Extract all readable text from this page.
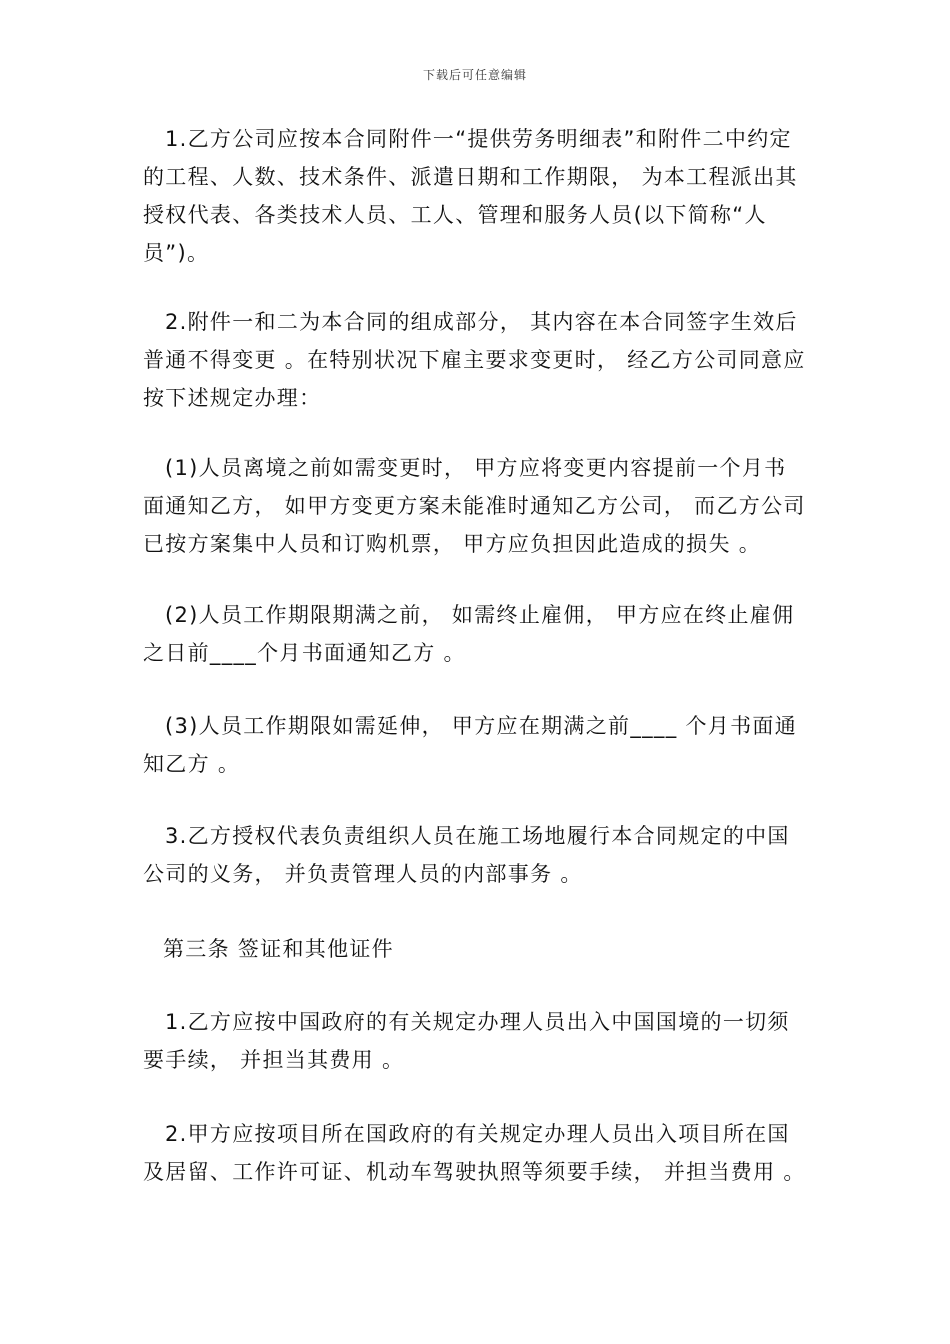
下载后可任意编辑

1.乙方公司应按本合同附件一“提供劳务明细表”和附件二中约定的工程、人数、技术条件、派遣日期和工作期限， 为本工程派出其授权代表、各类技术人员、工人、管理和服务人员(以下简称“人员”)。

2.附件一和二为本合同的组成部分， 其内容在本合同签字生效后普通不得变更 。在特别状况下雇主要求变更时， 经乙方公司同意应按下述规定办理：

(1)人员离境之前如需变更时， 甲方应将变更内容提前一个月书面通知乙方， 如甲方变更方案未能准时通知乙方公司， 而乙方公司已按方案集中人员和订购机票， 甲方应负担因此造成的损失 。

(2)人员工作期限期满之前， 如需终止雇佣， 甲方应在终止雇佣之日前____个月书面通知乙方 。

(3)人员工作期限如需延伸， 甲方应在期满之前____ 个月书面通知乙方 。

3.乙方授权代表负责组织人员在施工场地履行本合同规定的中国公司的义务， 并负责管理人员的内部事务 。

第三条 签证和其他证件

1.乙方应按中国政府的有关规定办理人员出入中国国境的一切须要手续， 并担当其费用 。

2.甲方应按项目所在国政府的有关规定办理人员出入项目所在国及居留、工作许可证、机动车驾驶执照等须要手续， 并担当费用 。
